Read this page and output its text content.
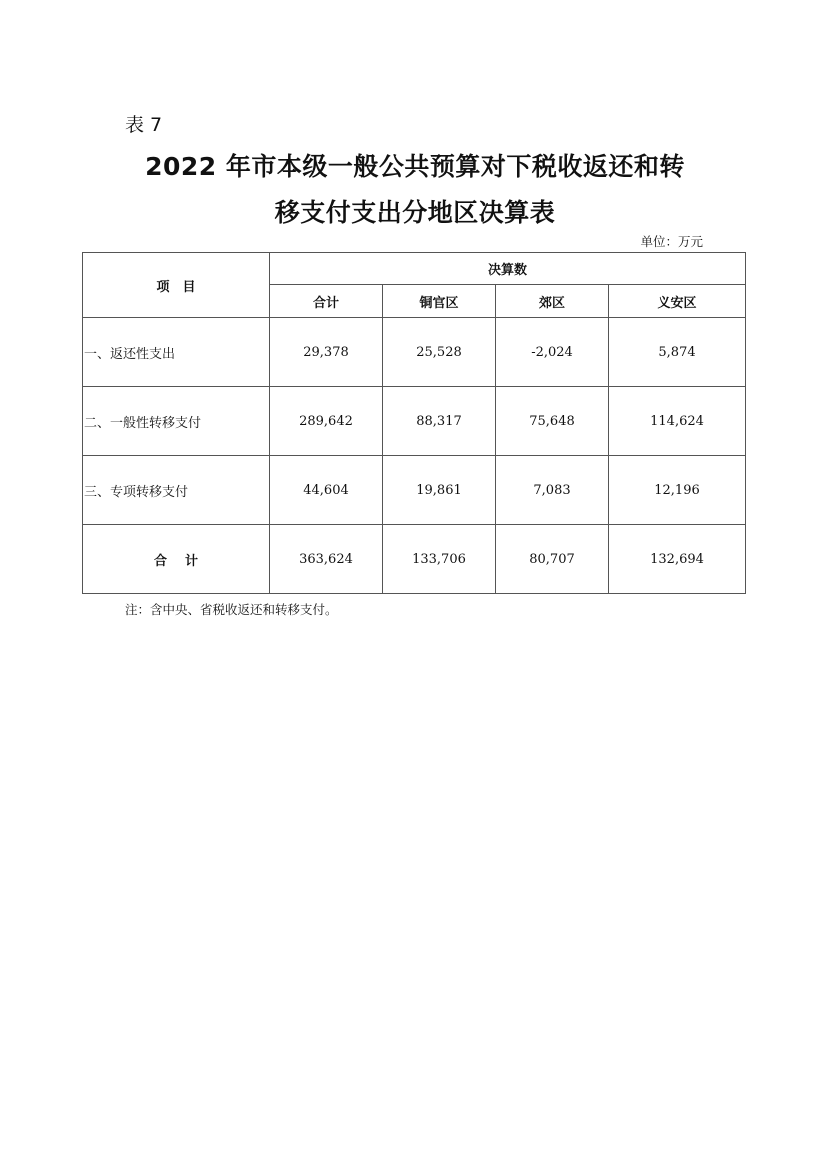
表 7
2022 年市本级一般公共预算对下税收返还和转
移支付支出分地区决算表
单位：万元
项　目	决算数			
	合计	铜官区	郊区	义安区
一、返还性支出	29,378	25,528	-2,024	5,874
二、一般性转移支付	289,642	88,317	75,648	114,624
三、专项转移支付	44,604	19,861	7,083	12,196
合计	363,624	133,706	80,707	132,694
注：含中央、省税收返还和转移支付。
